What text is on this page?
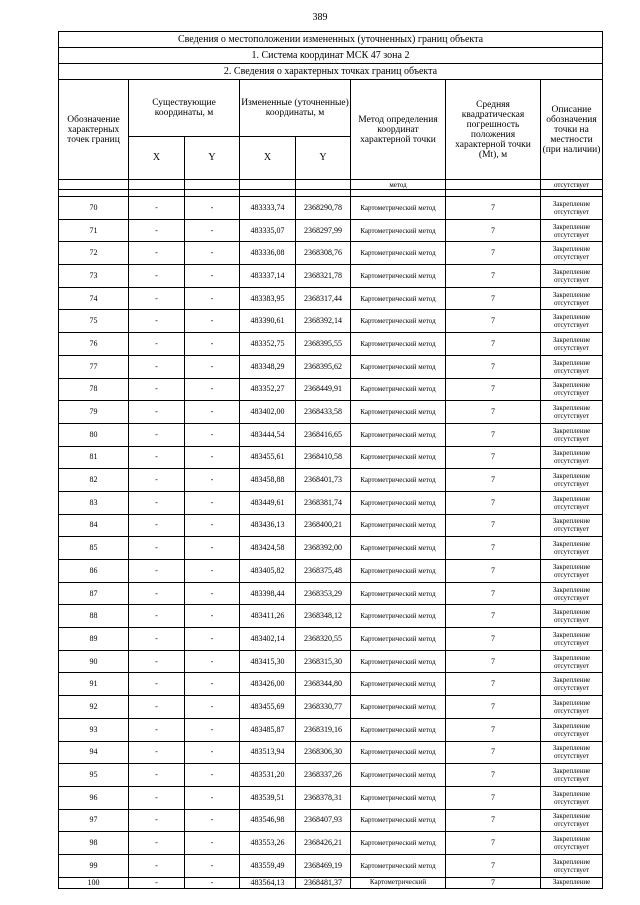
389
Сведения о местоположении измененных (уточненных) границ объекта							
1. Система координат МСК 47 зона 2							
2. Сведения о характерных точках границ объекта							
Обозначение характерных точек границ	Существующие координаты, м		Измененные (уточненные) координаты, м		Метод определения координат характерной точки	Средняя квадратическая погрешность положения характерной точки (Mt), м	Описание обозначения точки на местности (при наличии)
	X	Y	X	Y			
					метод		отсутствует

70	-	-	483333,74	2368290,78	Картометрический метод	7	Закрепление отсутствует
71	-	-	483335,07	2368297,99	Картометрический метод	7	Закрепление отсутствует
72	-	-	483336,08	2368308,76	Картометрический метод	7	Закрепление отсутствует
73	-	-	483337,14	2368321,78	Картометрический метод	7	Закрепление отсутствует
74	-	-	483383,95	2368317,44	Картометрический метод	7	Закрепление отсутствует
75	-	-	483390,61	2368392,14	Картометрический метод	7	Закрепление отсутствует
76	-	-	483352,75	2368395,55	Картометрический метод	7	Закрепление отсутствует
77	-	-	483348,29	2368395,62	Картометрический метод	7	Закрепление отсутствует
78	-	-	483352,27	2368449,91	Картометрический метод	7	Закрепление отсутствует
79	-	-	483402,00	2368433,58	Картометрический метод	7	Закрепление отсутствует
80	-	-	483444,54	2368416,65	Картометрический метод	7	Закрепление отсутствует
81	-	-	483455,61	2368410,58	Картометрический метод	7	Закрепление отсутствует
82	-	-	483458,88	2368401,73	Картометрический метод	7	Закрепление отсутствует
83	-	-	483449,61	2368381,74	Картометрический метод	7	Закрепление отсутствует
84	-	-	483436,13	2368400,21	Картометрический метод	7	Закрепление отсутствует
85	-	-	483424,58	2368392,00	Картометрический метод	7	Закрепление отсутствует
86	-	-	483405,82	2368375,48	Картометрический метод	7	Закрепление отсутствует
87	-	-	483398,44	2368353,29	Картометрический метод	7	Закрепление отсутствует
88	-	-	483411,26	2368348,12	Картометрический метод	7	Закрепление отсутствует
89	-	-	483402,14	2368320,55	Картометрический метод	7	Закрепление отсутствует
90	-	-	483415,30	2368315,30	Картометрический метод	7	Закрепление отсутствует
91	-	-	483426,00	2368344,80	Картометрический метод	7	Закрепление отсутствует
92	-	-	483455,69	2368330,77	Картометрический метод	7	Закрепление отсутствует
93	-	-	483485,87	2368319,16	Картометрический метод	7	Закрепление отсутствует
94	-	-	483513,94	2368306,30	Картометрический метод	7	Закрепление отсутствует
95	-	-	483531,20	2368337,26	Картометрический метод	7	Закрепление отсутствует
96	-	-	483539,51	2368378,31	Картометрический метод	7	Закрепление отсутствует
97	-	-	483546,98	2368407,93	Картометрический метод	7	Закрепление отсутствует
98	-	-	483553,26	2368426,21	Картометрический метод	7	Закрепление отсутствует
99	-	-	483559,49	2368469,19	Картометрический метод	7	Закрепление отсутствует
100	-	-	483564,13	2368481,37	Картометрический	7	Закрепление
